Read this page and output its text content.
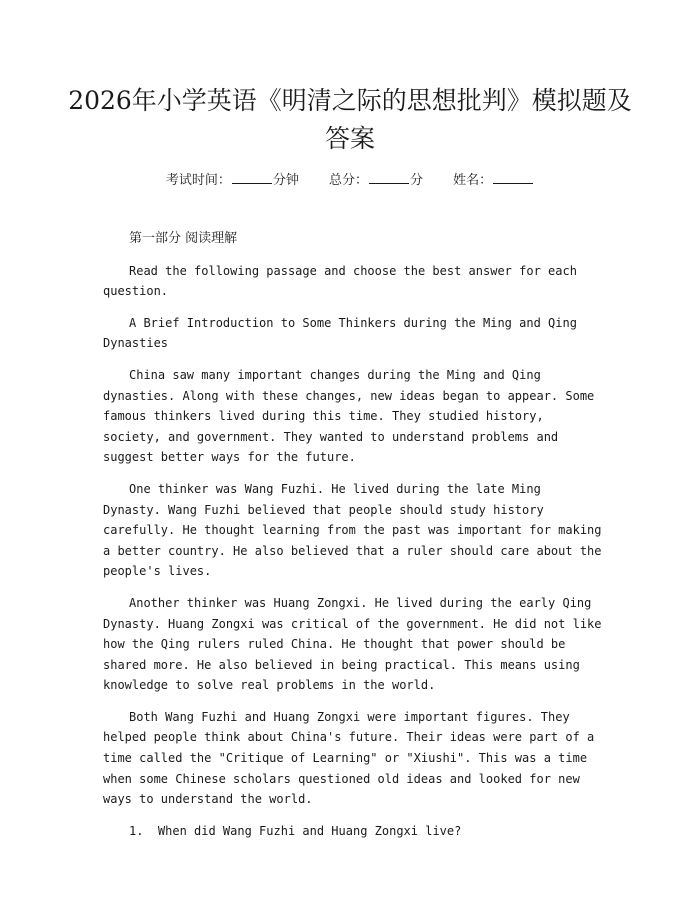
2026年小学英语《明清之际的思想批判》模拟题及答案
考试时间：	分钟 总分：	分 姓名：

第一部分 阅读理解

Read the following passage and choose the best answer for each question.

A Brief Introduction to Some Thinkers during the Ming and Qing Dynasties

China saw many important changes during the Ming and Qing dynasties. Along with these changes, new ideas began to appear. Some famous thinkers lived during this time. They studied history, society, and government. They wanted to understand problems and suggest better ways for the future.

One thinker was Wang Fuzhi. He lived during the late Ming Dynasty. Wang Fuzhi believed that people should study history carefully. He thought learning from the past was important for making a better country. He also believed that a ruler should care about the people's lives.

Another thinker was Huang Zongxi. He lived during the early Qing Dynasty. Huang Zongxi was critical of the government. He did not like how the Qing rulers ruled China. He thought that power should be shared more. He also believed in being practical. This means using knowledge to solve real problems in the world.

Both Wang Fuzhi and Huang Zongxi were important figures. They helped people think about China's future. Their ideas were part of a time called the "Critique of Learning" or "Xiushi". This was a time when some Chinese scholars questioned old ideas and looked for new ways to understand the world.

1. When did Wang Fuzhi and Huang Zongxi live?
